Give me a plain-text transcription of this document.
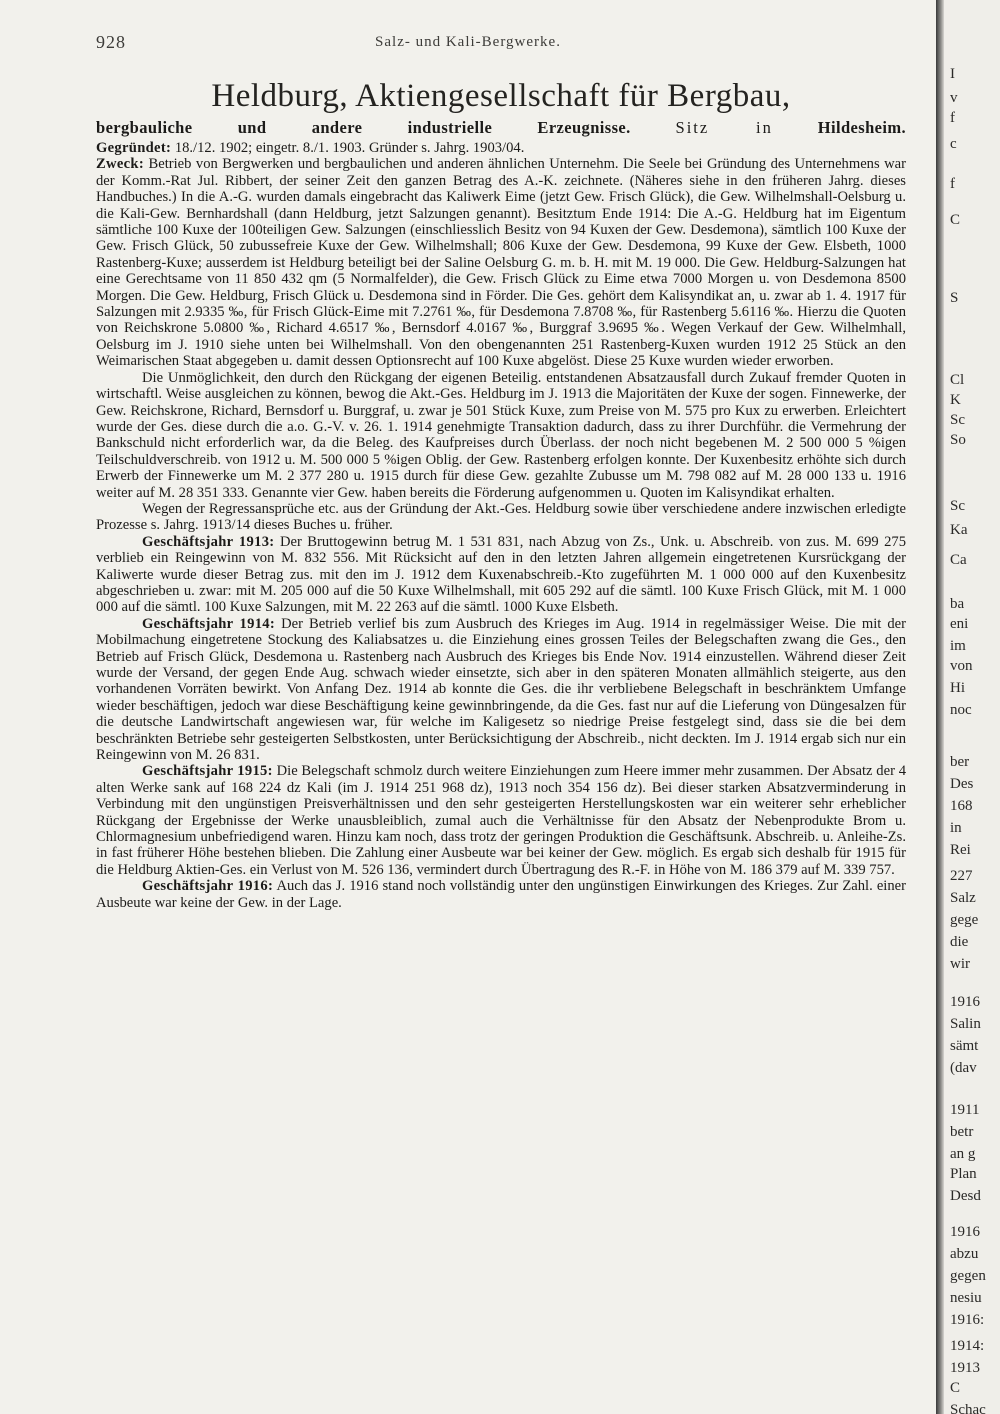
928	Salz- und Kali-Bergwerke.
Heldburg, Aktiengesellschaft für Bergbau,
bergbauliche und andere industrielle Erzeugnisse.	Sitz in	Hildesheim.

Gegründet: 18./12. 1902; eingetr. 8./1. 1903. Gründer s. Jahrg. 1903/04.

Zweck: Betrieb von Bergwerken und bergbaulichen und anderen ähnlichen Unternehm. Die Seele bei Gründung des Unternehmens war der Komm.-Rat Jul. Ribbert, der seiner Zeit den ganzen Betrag des A.-K. zeichnete. (Näheres siehe in den früheren Jahrg. dieses Handbuches.) In die A.-G. wurden damals eingebracht das Kaliwerk Eime (jetzt Gew. Frisch Glück), die Gew. Wilhelmshall-Oelsburg u. die Kali-Gew. Bernhardshall (dann Heldburg, jetzt Salzungen genannt). Besitztum Ende 1914: Die A.-G. Heldburg hat im Eigentum sämtliche 100 Kuxe der 100teiligen Gew. Salzungen (einschliesslich Besitz von 94 Kuxen der Gew. Desdemona), sämtlich 100 Kuxe der Gew. Frisch Glück, 50 zubussefreie Kuxe der Gew. Wilhelmshall; 806 Kuxe der Gew. Desdemona, 99 Kuxe der Gew. Elsbeth, 1000 Rastenberg-Kuxe; ausserdem ist Heldburg beteiligt bei der Saline Oelsburg G. m. b. H. mit M. 19 000. Die Gew. Heldburg-Salzungen hat eine Gerechtsame von 11 850 432 qm (5 Normalfelder), die Gew. Frisch Glück zu Eime etwa 7000 Morgen u. von Desdemona 8500 Morgen. Die Gew. Heldburg, Frisch Glück u. Desdemona sind in Förder. Die Ges. gehört dem Kalisyndikat an, u. zwar ab 1. 4. 1917 für Salzungen mit 2.9335 ‰, für Frisch Glück-Eime mit 7.2761 ‰, für Desdemona 7.8708 ‰, für Rastenberg 5.6116 ‰. Hierzu die Quoten von Reichskrone 5.0800 ‰, Richard 4.6517 ‰, Bernsdorf 4.0167 ‰, Burggraf 3.9695 ‰. Wegen Verkauf der Gew. Wilhelmhall, Oelsburg im J. 1910 siehe unten bei Wilhelmshall. Von den obengenannten 251 Rastenberg-Kuxen wurden 1912 25 Stück an den Weimarischen Staat abgegeben u. damit dessen Optionsrecht auf 100 Kuxe abgelöst. Diese 25 Kuxe wurden wieder erworben.

Die Unmöglichkeit, den durch den Rückgang der eigenen Beteilig. entstandenen Absatzausfall durch Zukauf fremder Quoten in wirtschaftl. Weise ausgleichen zu können, bewog die Akt.-Ges. Heldburg im J. 1913 die Majoritäten der Kuxe der sogen. Finnewerke, der Gew. Reichskrone, Richard, Bernsdorf u. Burggraf, u. zwar je 501 Stück Kuxe, zum Preise von M. 575 pro Kux zu erwerben. Erleichtert wurde der Ges. diese durch die a.o. G.-V. v. 26. 1. 1914 genehmigte Transaktion dadurch, dass zu ihrer Durchführ. die Vermehrung der Bankschuld nicht erforderlich war, da die Beleg. des Kaufpreises durch Überlass. der noch nicht begebenen M. 2 500 000 5 %igen Teilschuldverschreib. von 1912 u. M. 500 000 5 %igen Oblig. der Gew. Rastenberg erfolgen konnte. Der Kuxenbesitz erhöhte sich durch Erwerb der Finnewerke um M. 2 377 280 u. 1915 durch für diese Gew. gezahlte Zubusse um M. 798 082 auf M. 28 000 133 u. 1916 weiter auf M. 28 351 333. Genannte vier Gew. haben bereits die Förderung aufgenommen u. Quoten im Kalisyndikat erhalten.

Wegen der Regressansprüche etc. aus der Gründung der Akt.-Ges. Heldburg sowie über verschiedene andere inzwischen erledigte Prozesse s. Jahrg. 1913/14 dieses Buches u. früher.

Geschäftsjahr 1913: Der Bruttogewinn betrug M. 1 531 831, nach Abzug von Zs., Unk. u. Abschreib. von zus. M. 699 275 verblieb ein Reingewinn von M. 832 556. Mit Rücksicht auf den in den letzten Jahren allgemein eingetretenen Kursrückgang der Kaliwerte wurde dieser Betrag zus. mit den im J. 1912 dem Kuxenabschreib.-Kto zugeführten M. 1 000 000 auf den Kuxenbesitz abgeschrieben u. zwar: mit M. 205 000 auf die 50 Kuxe Wilhelmshall, mit 605 292 auf die sämtl. 100 Kuxe Frisch Glück, mit M. 1 000 000 auf die sämtl. 100 Kuxe Salzungen, mit M. 22 263 auf die sämtl. 1000 Kuxe Elsbeth.

Geschäftsjahr 1914: Der Betrieb verlief bis zum Ausbruch des Krieges im Aug. 1914 in regelmässiger Weise. Die mit der Mobilmachung eingetretene Stockung des Kaliabsatzes u. die Einziehung eines grossen Teiles der Belegschaften zwang die Ges., den Betrieb auf Frisch Glück, Desdemona u. Rastenberg nach Ausbruch des Krieges bis Ende Nov. 1914 einzustellen. Während dieser Zeit wurde der Versand, der gegen Ende Aug. schwach wieder einsetzte, sich aber in den späteren Monaten allmählich steigerte, aus den vorhandenen Vorräten bewirkt. Von Anfang Dez. 1914 ab konnte die Ges. die ihr verbliebene Belegschaft in beschränktem Umfange wieder beschäftigen, jedoch war diese Beschäftigung keine gewinnbringende, da die Ges. fast nur auf die Lieferung von Düngesalzen für die deutsche Landwirtschaft angewiesen war, für welche im Kaligesetz so niedrige Preise festgelegt sind, dass sie die bei dem beschränkten Betriebe sehr gesteigerten Selbstkosten, unter Berücksichtigung der Abschreib., nicht deckten. Im J. 1914 ergab sich nur ein Reingewinn von M. 26 831.

Geschäftsjahr 1915: Die Belegschaft schmolz durch weitere Einziehungen zum Heere immer mehr zusammen. Der Absatz der 4 alten Werke sank auf 168 224 dz Kali (im J. 1914 251 968 dz), 1913 noch 354 156 dz). Bei dieser starken Absatzverminderung in Verbindung mit den ungünstigen Preisverhältnissen und den sehr gesteigerten Herstellungskosten war ein weiterer sehr erheblicher Rückgang der Ergebnisse der Werke unausbleiblich, zumal auch die Verhältnisse für den Absatz der Nebenprodukte Brom u. Chlormagnesium unbefriedigend waren. Hinzu kam noch, dass trotz der geringen Produktion die Geschäftsunk. Abschreib. u. Anleihe-Zs. in fast früherer Höhe bestehen blieben. Die Zahlung einer Ausbeute war bei keiner der Gew. möglich. Es ergab sich deshalb für 1915 für die Heldburg Aktien-Ges. ein Verlust von M. 526 136, vermindert durch Übertragung des R.-F. in Höhe von M. 186 379 auf M. 339 757.

Geschäftsjahr 1916: Auch das J. 1916 stand noch vollständig unter den ungünstigen Einwirkungen des Krieges. Zur Zahl. einer Ausbeute war keine der Gew. in der Lage.

I
v
f
c
f
C
S
Cl
K
Sc
So
Sc
Ka
Ca
ba
eni
im
von
Hi
noc
ber
Des
168
in
Rei
227
Salz
gege
die
wir
1916
Salin
sämt
(dav
1911
betr
an g
Plan
Desd
1916
abzu
gegen
nesiu
1916:
1914:
1913
C
Schac
